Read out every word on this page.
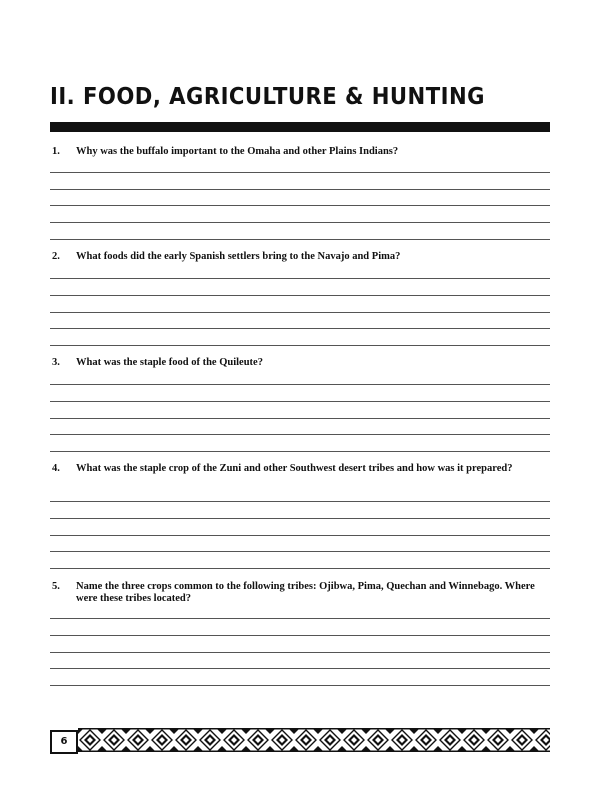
II. FOOD, AGRICULTURE & HUNTING
1. Why was the buffalo important to the Omaha and other Plains Indians?
2. What foods did the early Spanish settlers bring to the Navajo and Pima?
3. What was the staple food of the Quileute?
4. What was the staple crop of the Zuni and other Southwest desert tribes and how was it prepared?
5. Name the three crops common to the following tribes: Ojibwa, Pima, Quechan and Winnebago. Where were these tribes located?
6
